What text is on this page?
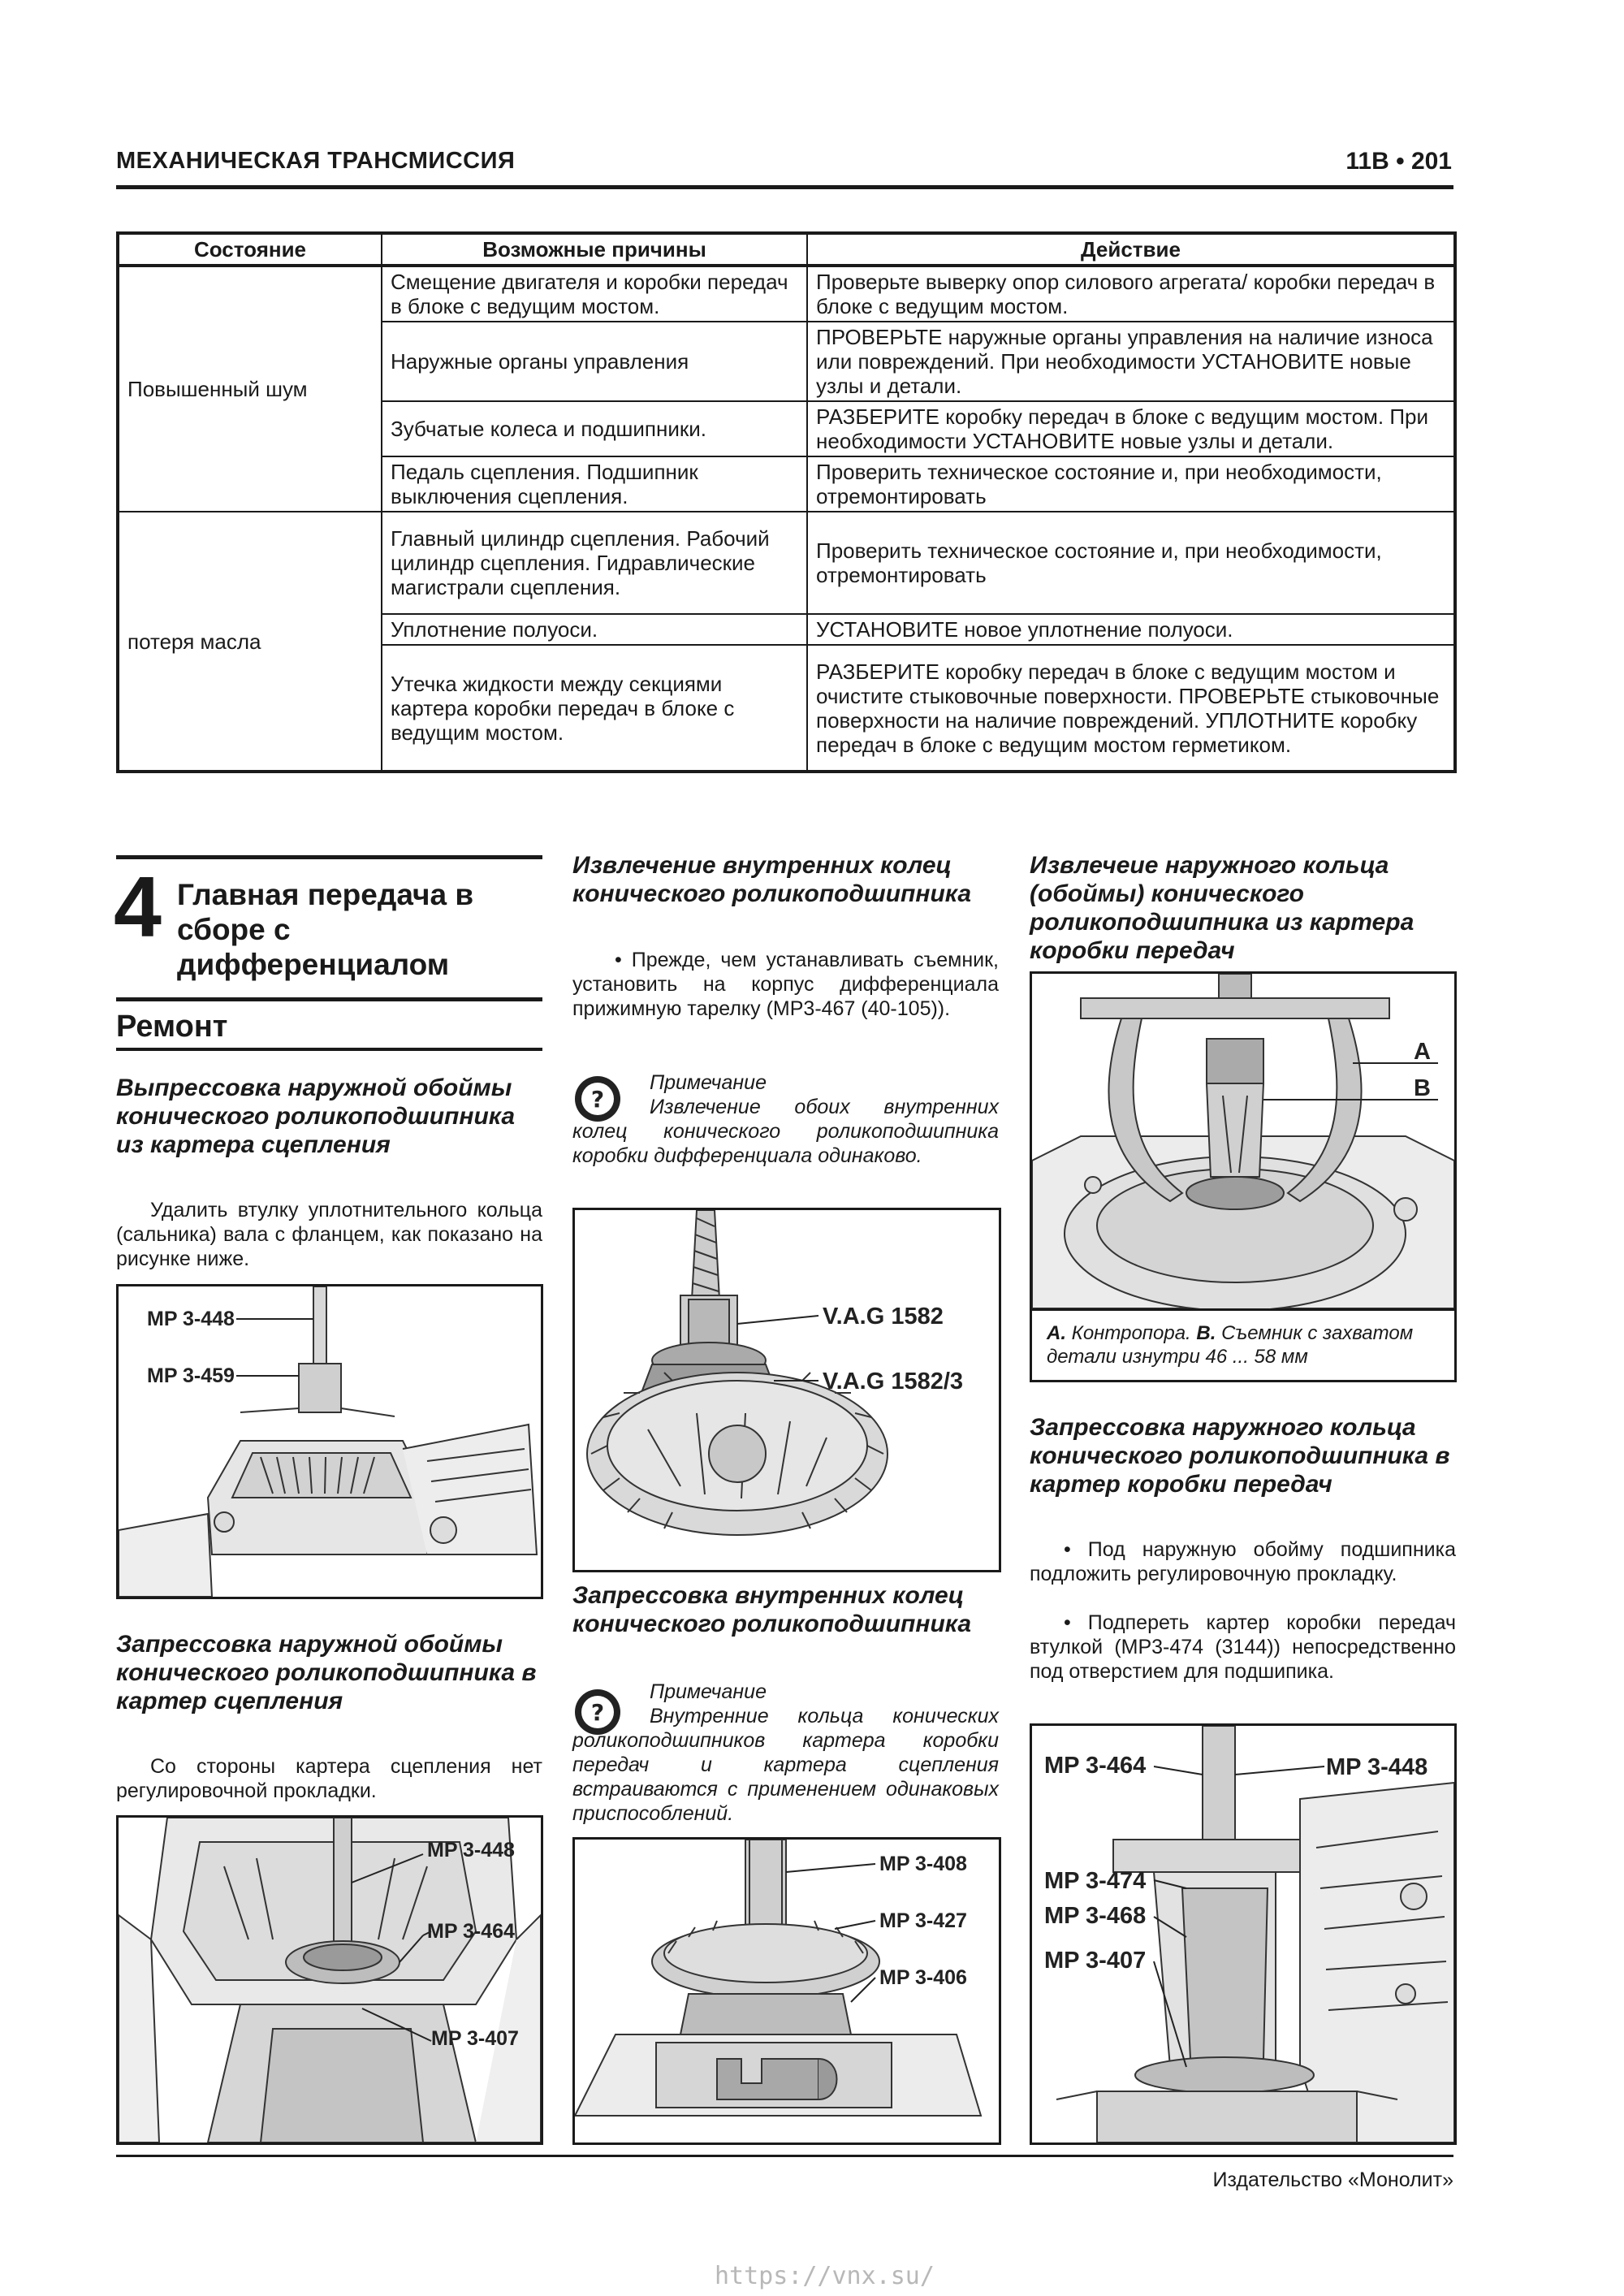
МЕХАНИЧЕСКАЯ ТРАНСМИССИЯ	11В • 201
Состояние	Возможные причины	Действие
Повышенный шум	Смещение двигателя и коробки передач в блоке с ведущим мостом.	Проверьте выверку опор силового агрегата/ коробки передач в блоке с ведущим мостом.
	Наружные органы управления	ПРОВЕРЬТЕ наружные органы управления на наличие износа или повреждений. При необходимости УСТАНОВИТЕ новые узлы и детали.
	Зубчатые колеса и подшипники.	РАЗБЕРИТЕ коробку передач в блоке с ведущим мостом. При необходимости УСТАНОВИТЕ новые узлы и детали.
	Педаль сцепления. Подшипник выключения сцепления.	Проверить техническое состояние и, при необходимости, отремонтировать
потеря масла	Главный цилиндр сцепления. Рабочий цилиндр сцепления. Гидравлические магистрали сцепления.	Проверить техническое состояние и, при необходимости, отремонтировать
	Уплотнение полуоси.	УСТАНОВИТЕ новое уплотнение полуоси.
	Утечка жидкости между секциями картера коробки передач в блоке с ведущим мостом.	РАЗБЕРИТЕ коробку передач в блоке с ведущим мостом и очистите стыковочные поверхности. ПРОВЕРЬТЕ стыковочные поверхности на наличие повреждений. УПЛОТНИТЕ коробку передач в блоке с ведущим мостом герметиком.
4 Главная передача в сборе с дифференциалом
Ремонт
Выпрессовка наружной обоймы конического роликоподшипника из картера сцепления
Удалить втулку уплотнительного кольца (сальника) вала с фланцем, как показано на рисунке ниже.
MP 3-448
MP 3-459
Запрессовка наружной обоймы конического роликоподшипника в картер сцепления
Со стороны картера сцепления нет регулировочной прокладки.
MP 3-448
MP 3-464
MP 3-407
Извлечение внутренних колец конического роликоподшипника
• Прежде, чем устанавливать съемник, установить на корпус дифференциала прижимную тарелку (МР3-467 (40-105)).
?
Примечание
Извлечение обоих внутренних колец конического роликоподшипника коробки дифференциала одинаково.
V.A.G 1582
V.A.G 1582/3
Запрессовка внутренних колец конического роликоподшипника
?
Примечание
Внутренние кольца конических роликоподшипников картера коробки передач и картера сцепления встраиваются с применением одинаковых приспособлений.
MP 3-408
MP 3-427
MP 3-406
Извлечеие наружного кольца (обоймы) конического роликоподшипника из картера коробки передач
A
B
А. Контропора. В. Съемник с захватом детали изнутри 46 ... 58 мм
Запрессовка наружного кольца конического роликоподшипника в картер коробки передач
• Под наружную обойму подшипника подложить регулировочную прокладку.
• Подпереть картер коробки передач втулкой (МР3-474 (3144)) непосредственно под отверстием для подшипика.
MP 3-464	MP 3-448
MP 3-474
MP 3-468
MP 3-407
Издательство «Монолит»
https://vnx.su/
